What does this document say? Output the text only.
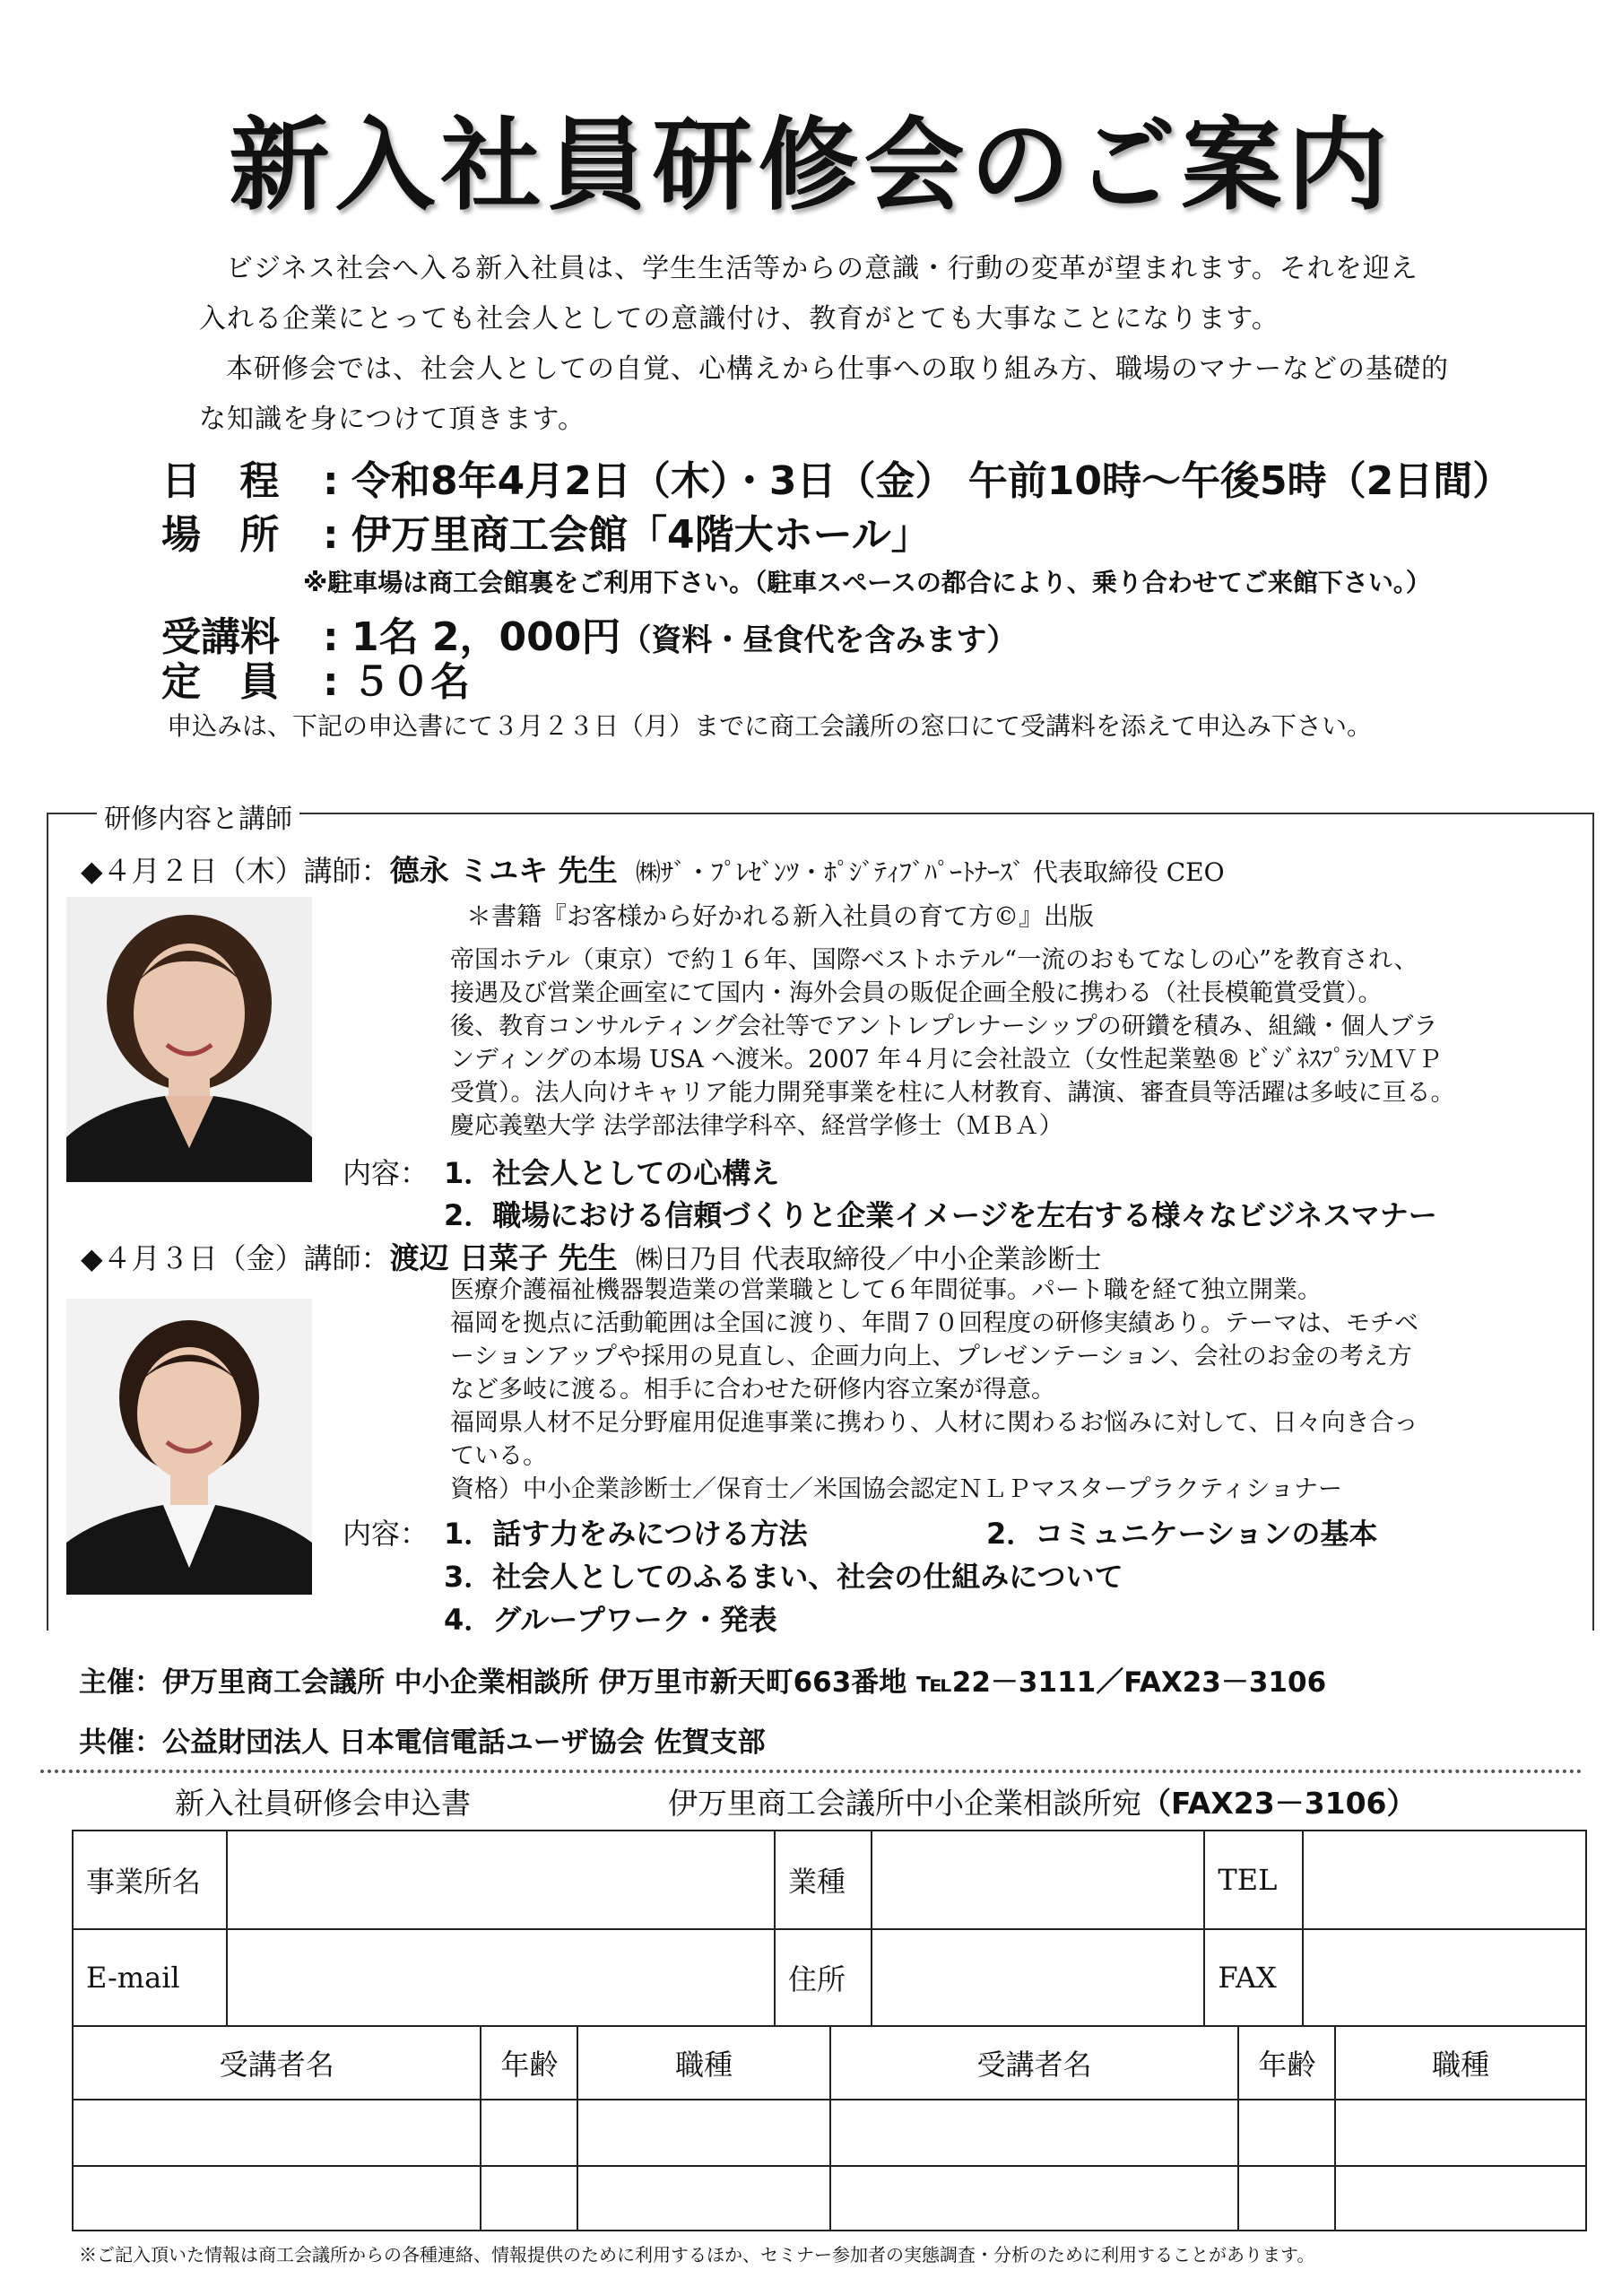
新入社員研修会のご案内
ビジネス社会へ入る新入社員は、学生生活等からの意識・行動の変革が望まれます。それを迎え
入れる企業にとっても社会人としての意識付け、教育がとても大事なことになります。
本研修会では、社会人としての自覚、心構えから仕事への取り組み方、職場のマナーなどの基礎的
な知識を身につけて頂きます。
日 程 : 令和8年4月2日（木）・3日（金） 午前10時～午後5時（2日間）
場 所 : 伊万里商工会館「4階大ホール」
※駐車場は商工会館裏をご利用下さい。（駐車スペースの都合により、乗り合わせてご来館下さい。）
受講料 : 1名 2，000円（資料・昼食代を含みます）
定 員 : ５０名
申込みは、下記の申込書にて３月２３日（月）までに商工会議所の窓口にて受講料を添えて申込み下さい。
研修内容と講師
◆４月２日（木）講師：德永 ミユキ 先生 ㈱ｻﾞ・ﾌﾟﾚｾﾞﾝﾂ・ﾎﾟｼﾞﾃｨﾌﾞﾊﾟｰﾄﾅｰｽﾞ 代表取締役 CEO
＊書籍『お客様から好かれる新入社員の育て方©』出版
帝国ホテル（東京）で約１６年、国際ベストホテル“一流のおもてなしの心”を教育され、
接遇及び営業企画室にて国内・海外会員の販促企画全般に携わる（社長模範賞受賞）。
後、教育コンサルティング会社等でアントレプレナーシップの研鑽を積み、組織・個人ブラ
ンディングの本場 USA へ渡米。2007 年４月に会社設立（女性起業塾® ﾋﾞｼﾞﾈｽﾌﾟﾗﾝＭＶＰ
受賞）。法人向けキャリア能力開発事業を柱に人材教育、講演、審査員等活躍は多岐に亘る。
慶応義塾大学 法学部法律学科卒、経営学修士（ＭＢＡ）
内容： 1．社会人としての心構え
2．職場における信頼づくりと企業イメージを左右する様々なビジネスマナー
◆４月３日（金）講師：渡辺 日菜子 先生 ㈱日乃目 代表取締役／中小企業診断士
医療介護福祉機器製造業の営業職として６年間従事。パート職を経て独立開業。
福岡を拠点に活動範囲は全国に渡り、年間７０回程度の研修実績あり。テーマは、モチベ
ーションアップや採用の見直し、企画力向上、プレゼンテーション、会社のお金の考え方
など多岐に渡る。相手に合わせた研修内容立案が得意。
福岡県人材不足分野雇用促進事業に携わり、人材に関わるお悩みに対して、日々向き合っ
ている。
資格）中小企業診断士／保育士／米国協会認定ＮＬＰマスタープラクティショナー
内容： 1．話す力をみにつける方法	2．コミュニケーションの基本
3．社会人としてのふるまい、社会の仕組みについて
4．グループワーク・発表
主催：伊万里商工会議所 中小企業相談所 伊万里市新天町663番地 ℡22－3111／FAX23－3106
共催：公益財団法人 日本電信電話ユーザ協会 佐賀支部
新入社員研修会申込書	伊万里商工会議所中小企業相談所宛（FAX23－3106）
事業所名		業種		TEL	
E-mail		住所		FAX	
受講者名	年齢	職種	受講者名	年齢	職種

※ご記入頂いた情報は商工会議所からの各種連絡、情報提供のために利用するほか、セミナー参加者の実態調査・分析のために利用することがあります。
